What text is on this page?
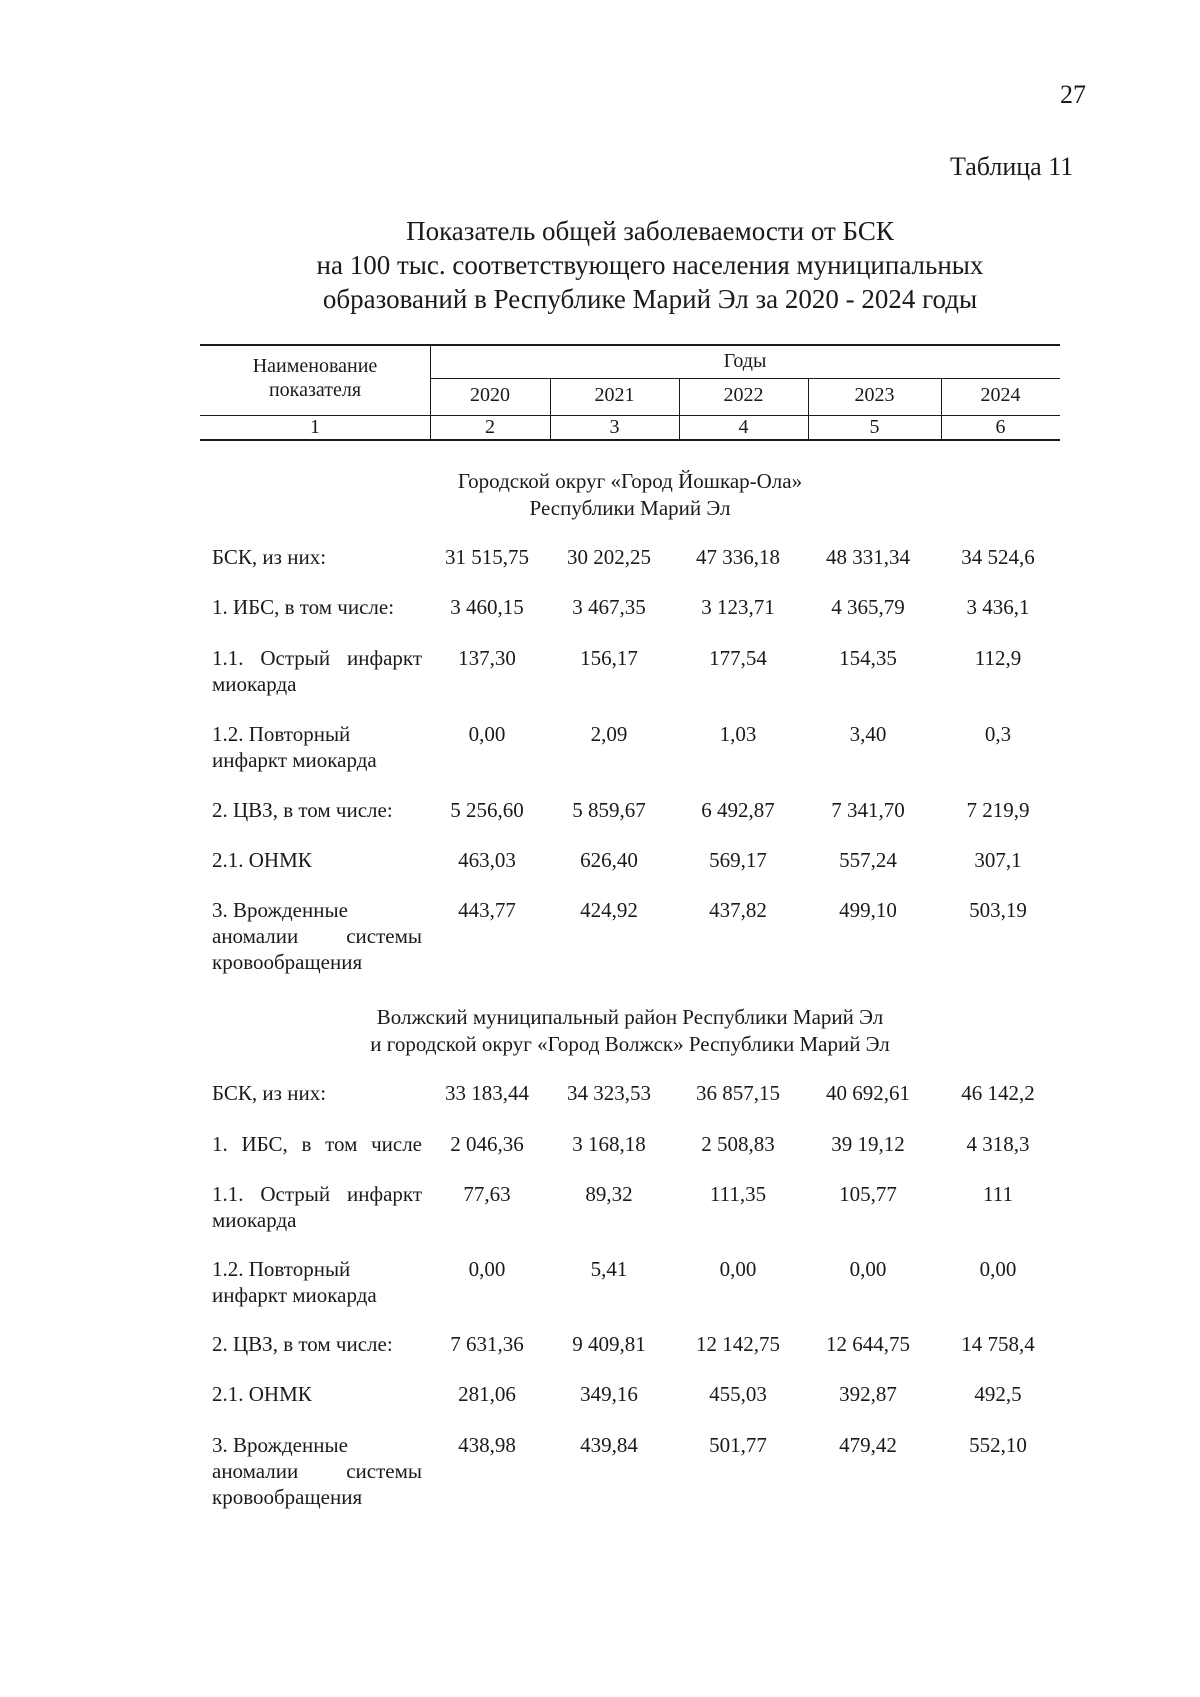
27
Таблица 11
Показатель общей заболеваемости от БСК
на 100 тыс. соответствующего населения муниципальных
образований в Республике Марий Эл за 2020 - 2024 годы
Наименование
показателя
Годы
2020	2021	2022	2023	2024
1	2	3	4	5	6
Городской округ «Город Йошкар-Ола»
Республики Марий Эл
БСК, из них:	31 515,75	30 202,25	47 336,18	48 331,34	34 524,6
1. ИБС, в том числе:	3 460,15	3 467,35	3 123,71	4 365,79	3 436,1
1.1. Острый инфаркт
миокарда
137,30	156,17	177,54	154,35	112,9
1.2. Повторный
инфаркт миокарда
0,00	2,09	1,03	3,40	0,3
2. ЦВЗ, в том числе:	5 256,60	5 859,67	6 492,87	7 341,70	7 219,9
2.1. ОНМК	463,03	626,40	569,17	557,24	307,1
3. Врожденные
аномалии системы
кровообращения
443,77	424,92	437,82	499,10	503,19
Волжский муниципальный район Республики Марий Эл
и городской округ «Город Волжск» Республики Марий Эл
БСК, из них:	33 183,44	34 323,53	36 857,15	40 692,61	46 142,2
1. ИБС, в том числе	2 046,36	3 168,18	2 508,83	39 19,12	4 318,3
1.1. Острый инфаркт
миокарда
77,63	89,32	111,35	105,77	111
1.2. Повторный
инфаркт миокарда
0,00	5,41	0,00	0,00	0,00
2. ЦВЗ, в том числе:	7 631,36	9 409,81	12 142,75	12 644,75	14 758,4
2.1. ОНМК	281,06	349,16	455,03	392,87	492,5
3. Врожденные
аномалии системы
кровообращения
438,98	439,84	501,77	479,42	552,10
